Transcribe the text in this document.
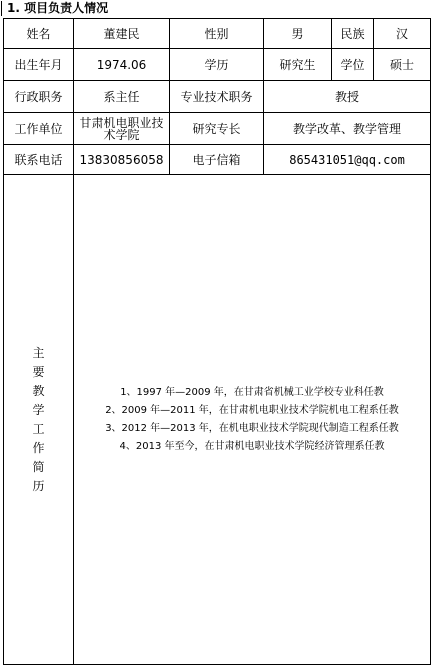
1. 项目负责人情况
姓名	董建民	性别	男	民族	汉
出生年月	1974.06	学历	研究生	学位	硕士
行政职务	系主任	专业技术职务	教授		
工作单位	甘肃机电职业技术学院	研究专长	教学改革、教学管理		
联系电话	13830856058	电子信箱	865431051@qq.com		
主要教学工作简历	1、1997 年—2009 年，在甘肃省机械工业学校专业科任教
2、2009 年—2011 年，在甘肃机电职业技术学院机电工程系任教
3、2012 年—2013 年，在机电职业技术学院现代制造工程系任教
4、2013 年至今，在甘肃机电职业技术学院经济管理系任教				
